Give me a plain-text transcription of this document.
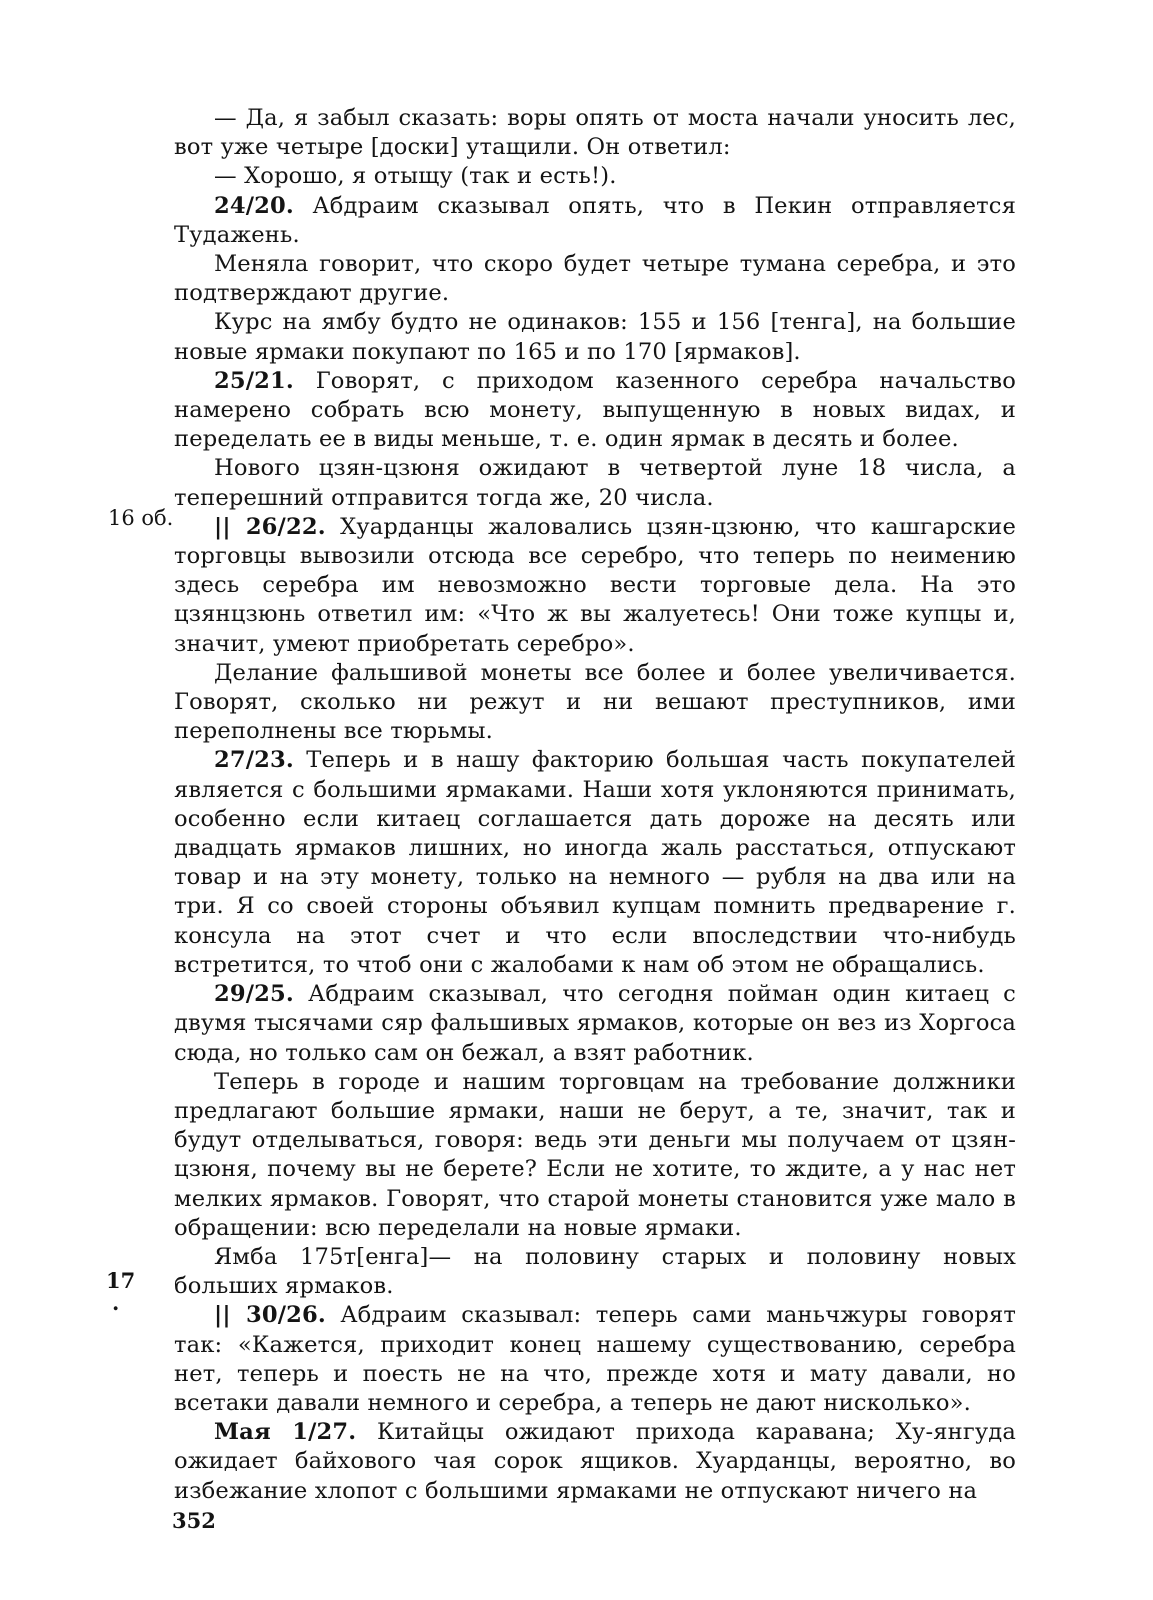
16 об.
17
.

— Да, я забыл сказать: воры опять от моста начали уносить лес, вот уже четыре [доски] утащили. Он ответил:

— Хорошо, я отыщу (так и есть!).

24/20. Абдраим сказывал опять, что в Пекин отправляется Тудажень.

Меняла говорит, что скоро будет четыре тумана серебра, и это подтверждают другие.

Курс на ямбу будто не одинаков: 155 и 156 [тенга], на большие новые ярмаки покупают по 165 и по 170 [ярмаков].

25/21. Говорят, с приходом казенного серебра начальство намерено собрать всю монету, выпущенную в новых видах, и переделать ее в виды меньше, т. е. один ярмак в десять и более.

Нового цзян-цзюня ожидают в четвертой луне 18 числа, а теперешний отправится тогда же, 20 числа.

|| 26/22. Хуарданцы жаловались цзян-цзюню, что кашгарские торговцы вывозили отсюда все серебро, что теперь по неимению здесь серебра им невозможно вести торговые дела. На это цзянцзюнь ответил им: «Что ж вы жалуетесь! Они тоже купцы и, значит, умеют приобретать серебро».

Делание фальшивой монеты все более и более увеличивается. Говорят, сколько ни режут и ни вешают преступников, ими переполнены все тюрьмы.

27/23. Теперь и в нашу факторию большая часть покупателей является с большими ярмаками. Наши хотя уклоняются принимать, особенно если китаец соглашается дать дороже на десять или двадцать ярмаков лишних, но иногда жаль расстаться, отпускают товар и на эту монету, только на немного — рубля на два или на три. Я со своей стороны объявил купцам помнить предварение г. консула на этот счет и что если впоследствии что-нибудь встретится, то чтоб они с жалобами к нам об этом не обращались.

29/25. Абдраим сказывал, что сегодня пойман один китаец с двумя тысячами сяр фальшивых ярмаков, которые он вез из Хоргоса сюда, но только сам он бежал, а взят работник.

Теперь в городе и нашим торговцам на требование должники предлагают большие ярмаки, наши не берут, а те, значит, так и будут отделываться, говоря: ведь эти деньги мы получаем от цзян-цзюня, почему вы не берете? Если не хотите, то ждите, а у нас нет мелких ярмаков. Говорят, что старой монеты становится уже мало в обращении: всю переделали на новые ярмаки.

Ямба 175т[енга]— на половину старых и половину новых больших ярмаков.

|| 30/26. Абдраим сказывал: теперь сами маньчжуры говорят так: «Кажется, приходит конец нашему существованию, серебра нет, теперь и поесть не на что, прежде хотя и мату давали, но всетаки давали немного и серебра, а теперь не дают нисколько».

Мая 1/27. Китайцы ожидают прихода каравана; Ху-янгуда ожидает байхового чая сорок ящиков. Хуарданцы, вероятно, во избежание хлопот с большими ярмаками не отпускают ничего на

352
